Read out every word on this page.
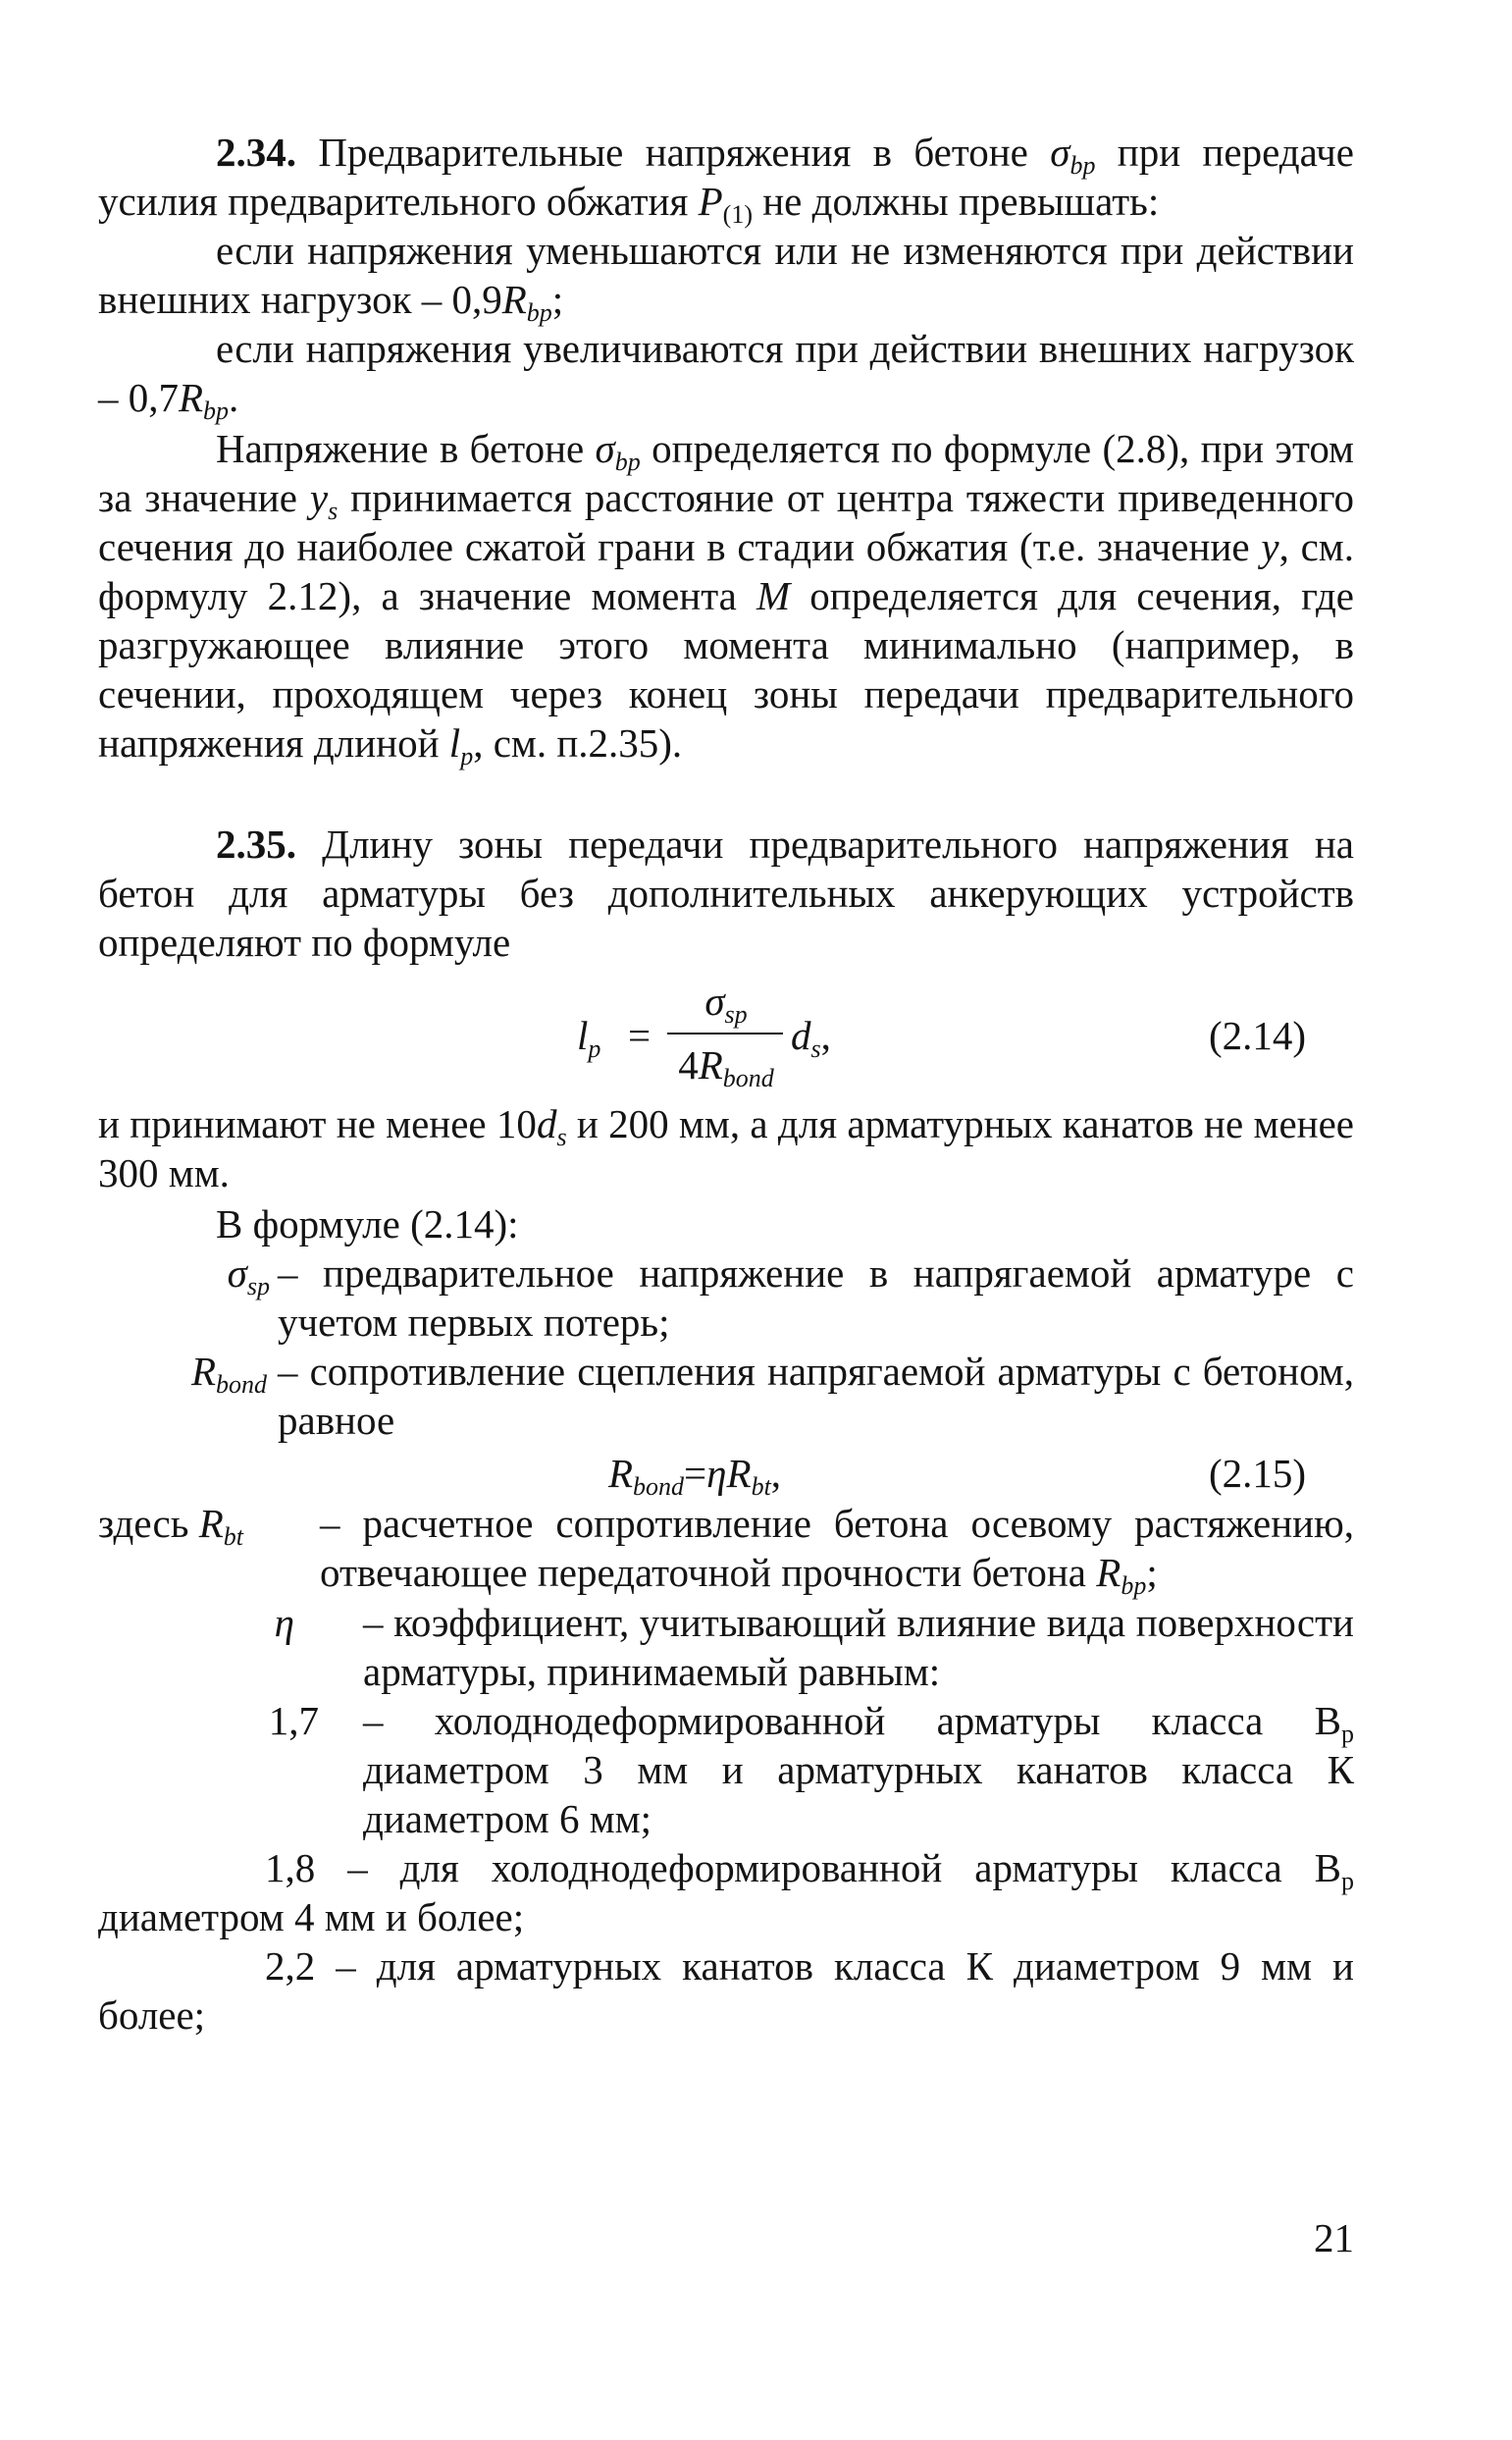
2.34. Предварительные напряжения в бетоне $\sigma_{bp}$ при передаче усилия предварительного обжатия $P_{(1)}$ не должны превышать:
если напряжения уменьшаются или не изменяются при действии внешних нагрузок – $0,9R_{bp}$;
если напряжения увеличиваются при действии внешних нагрузок – $0,7R_{bp}$.
Напряжение в бетоне $\sigma_{bp}$ определяется по формуле (2.8), при этом за значение $y_s$ принимается расстояние от центра тяжести приведенного сечения до наиболее сжатой грани в стадии обжатия (т.е. значение y, см. формулу 2.12), а значение момента M определяется для сечения, где разгружающее влияние этого момента минимально (например, в сечении, проходящем через конец зоны передачи предварительного напряжения длиной $l_p$, см. п.2.35).
2.35. Длину зоны передачи предварительного напряжения на бетон для арматуры без дополнительных анкерующих устройств определяют по формуле
$l_p$ =
$\sigma_{sp}$
$4R_{bond}$
$d_s$,	(2.14)
и принимают не менее $10d_s$ и 200 мм, а для арматурных канатов не менее 300 мм.
В формуле (2.14):
$\sigma_{sp}$ – предварительное напряжение в напрягаемой арматуре с учетом первых потерь;
$R_{bond}$ – сопротивление сцепления напрягаемой арматуры с бетоном, равное
$R_{bond}=\eta R_{bt}$,	(2.15)
здесь $R_{bt}$	– расчетное сопротивление бетона осевому растяжению, отвечающее передаточной прочности бетона $R_{bp}$;
η – коэффициент, учитывающий влияние вида поверхности арматуры, принимаемый равным:
1,7 – холоднодеформированной арматуры класса $В_р$ диаметром 3 мм и арматурных канатов класса К диаметром 6 мм;
1,8 – для холоднодеформированной арматуры класса $В_р$ диаметром 4 мм и более;
2,2 – для арматурных канатов класса К диаметром 9 мм и более;
21
